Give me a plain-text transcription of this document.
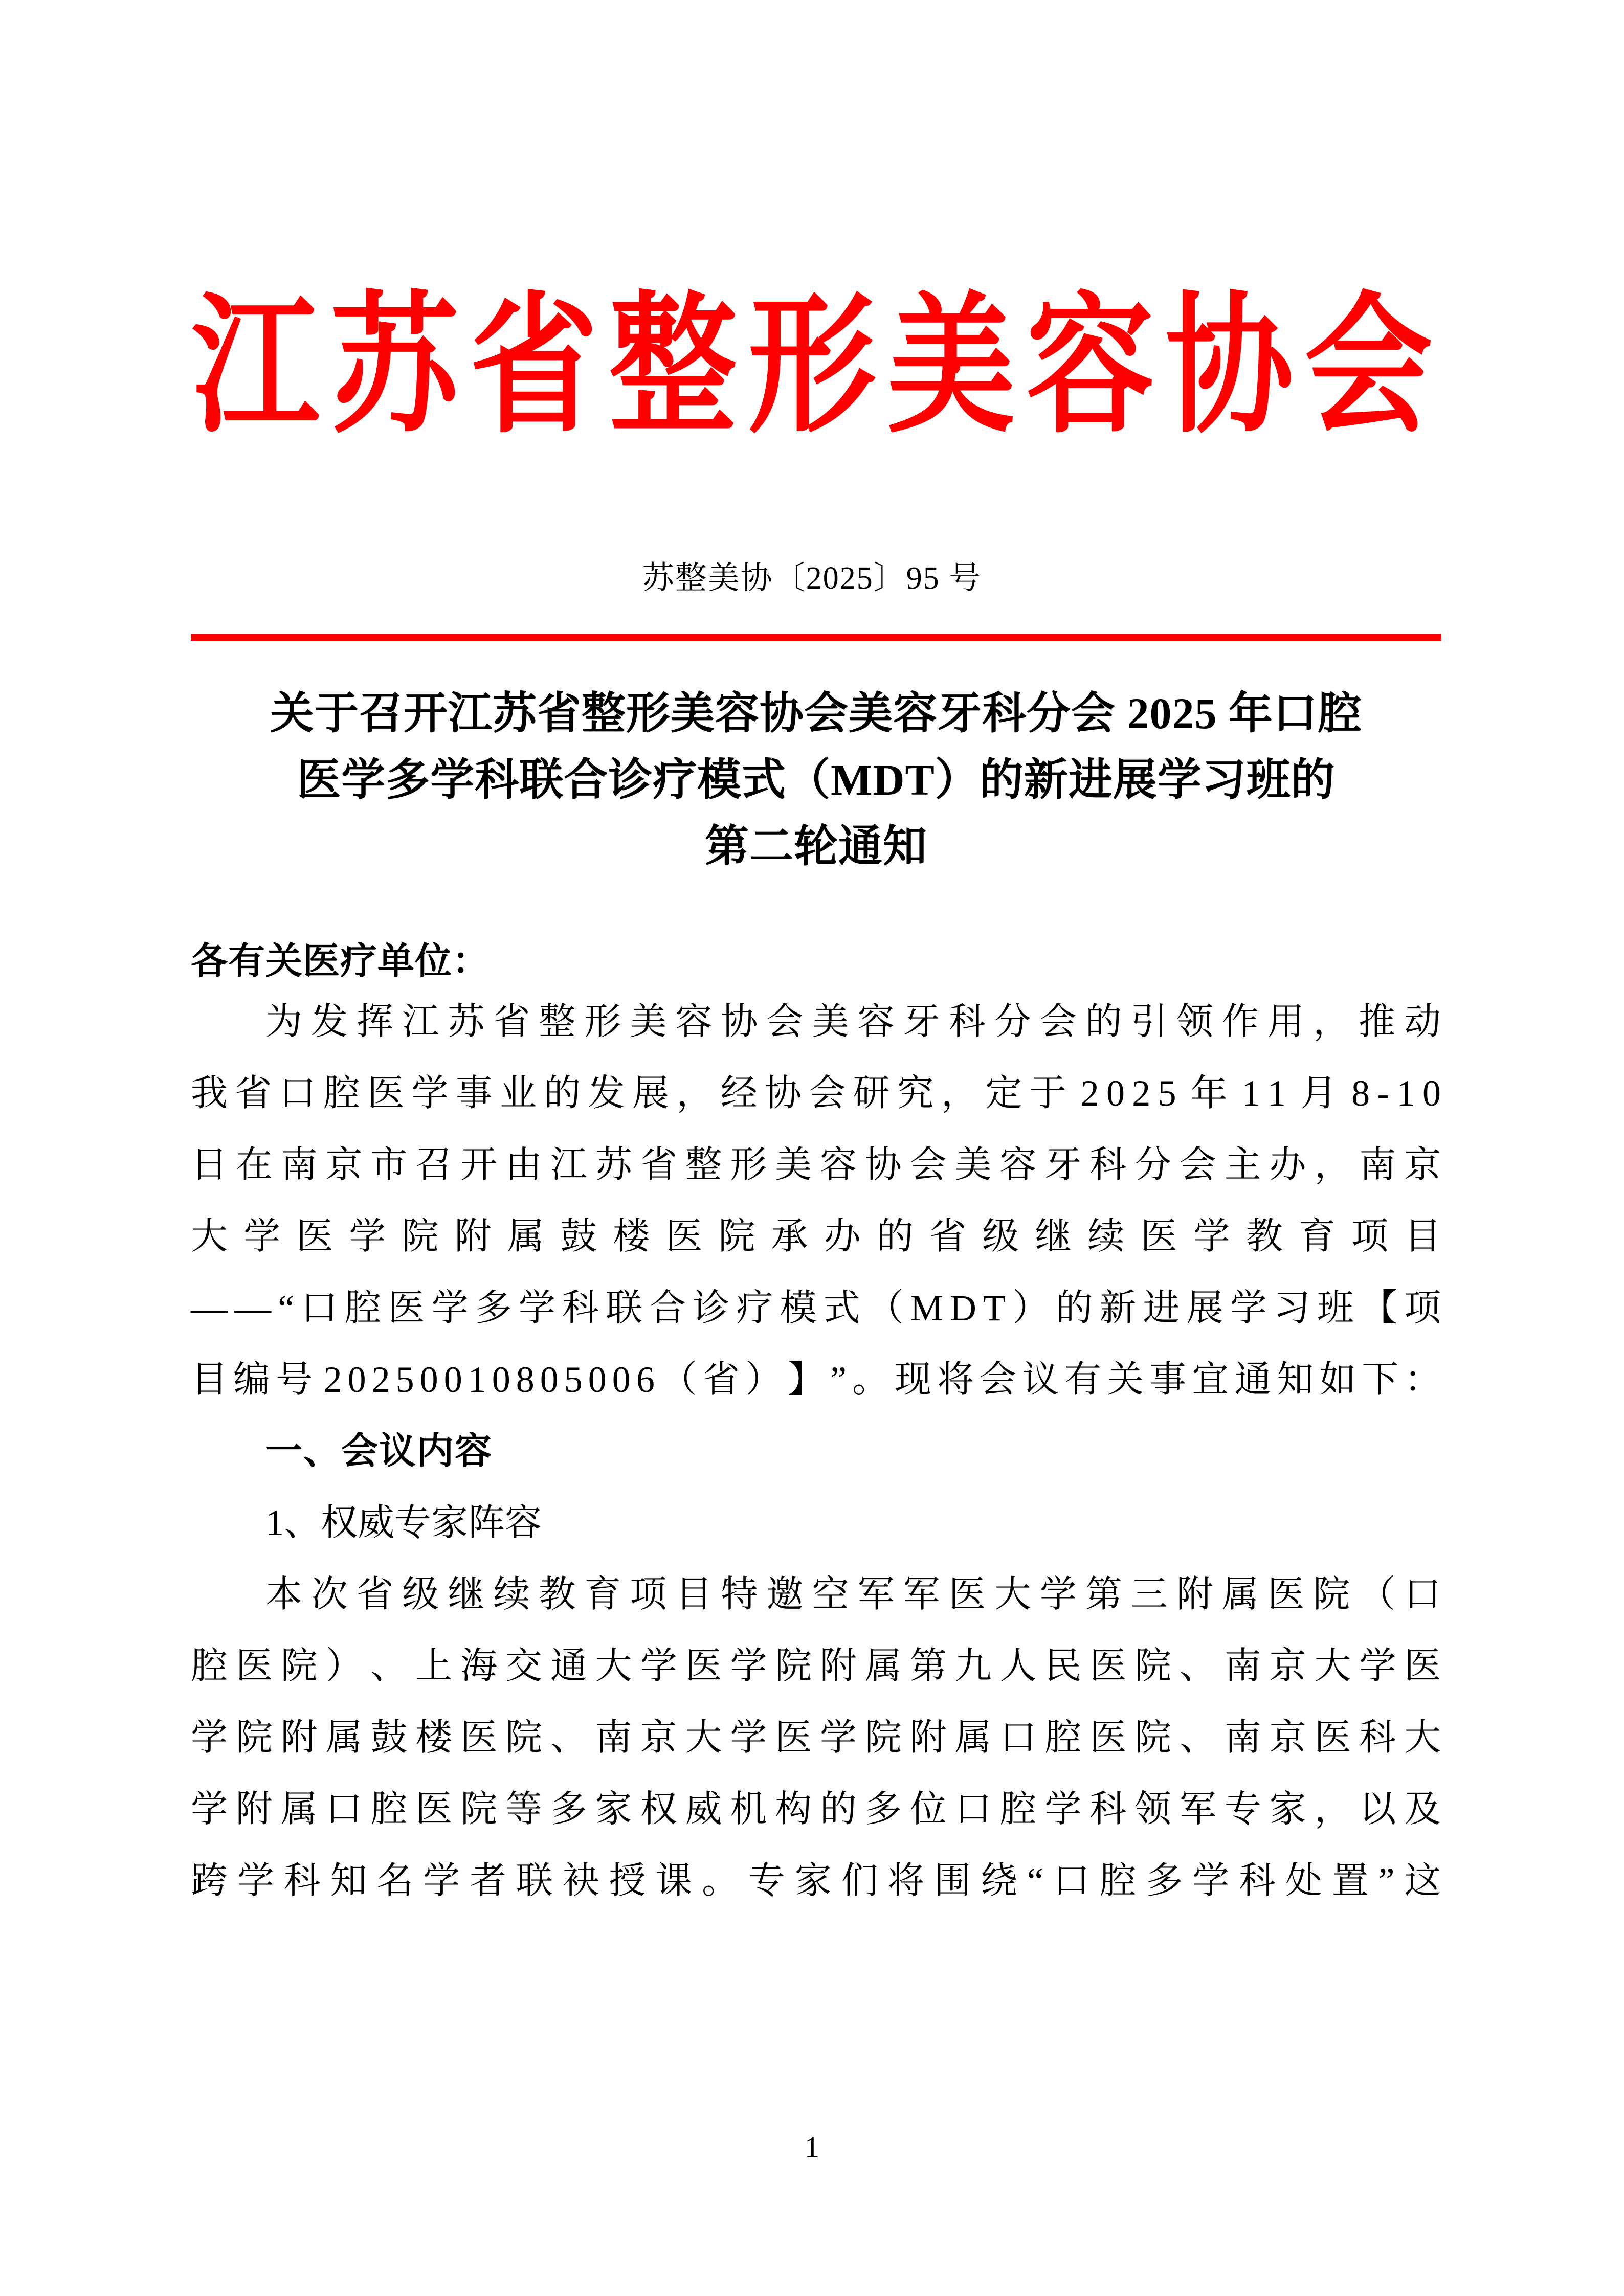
江苏省整形美容协会
苏整美协〔2025〕95 号
关于召开江苏省整形美容协会美容牙科分会 2025 年口腔
医学多学科联合诊疗模式（MDT）的新进展学习班的
第二轮通知
各有关医疗单位：
为 发 挥 江 苏 省 整 形 美 容 协 会 美 容 牙 科 分 会 的 引 领 作 用 ， 推 动
我 省 口 腔 医 学 事 业 的 发 展 ， 经 协 会 研 究 ， 定 于 2 0 2 5 年 1 1 月 8 - 1 0
日 在 南 京 市 召 开 由 江 苏 省 整 形 美 容 协 会 美 容 牙 科 分 会 主 办 ， 南 京
大 学 医 学 院 附 属 鼓 楼 医 院 承 办 的 省 级 继 续 医 学 教 育 项 目
— — “ 口 腔 医 学 多 学 科 联 合 诊 疗 模 式 （ M D T ） 的 新 进 展 学 习 班 【 项
目 编 号 2 0 2 5 0 0 1 0 8 0 5 0 0 6 （ 省 ） 】 ” 。 现 将 会 议 有 关 事 宜 通 知 如 下 ：
一、会议内容
1、权威专家阵容
本 次 省 级 继 续 教 育 项 目 特 邀 空 军 军 医 大 学 第 三 附 属 医 院 （ 口
腔 医 院 ） 、 上 海 交 通 大 学 医 学 院 附 属 第 九 人 民 医 院 、 南 京 大 学 医
学 院 附 属 鼓 楼 医 院 、 南 京 大 学 医 学 院 附 属 口 腔 医 院 、 南 京 医 科 大
学 附 属 口 腔 医 院 等 多 家 权 威 机 构 的 多 位 口 腔 学 科 领 军 专 家 ， 以 及
跨 学 科 知 名 学 者 联 袂 授 课 。 专 家 们 将 围 绕 “ 口 腔 多 学 科 处 置 ” 这
1
